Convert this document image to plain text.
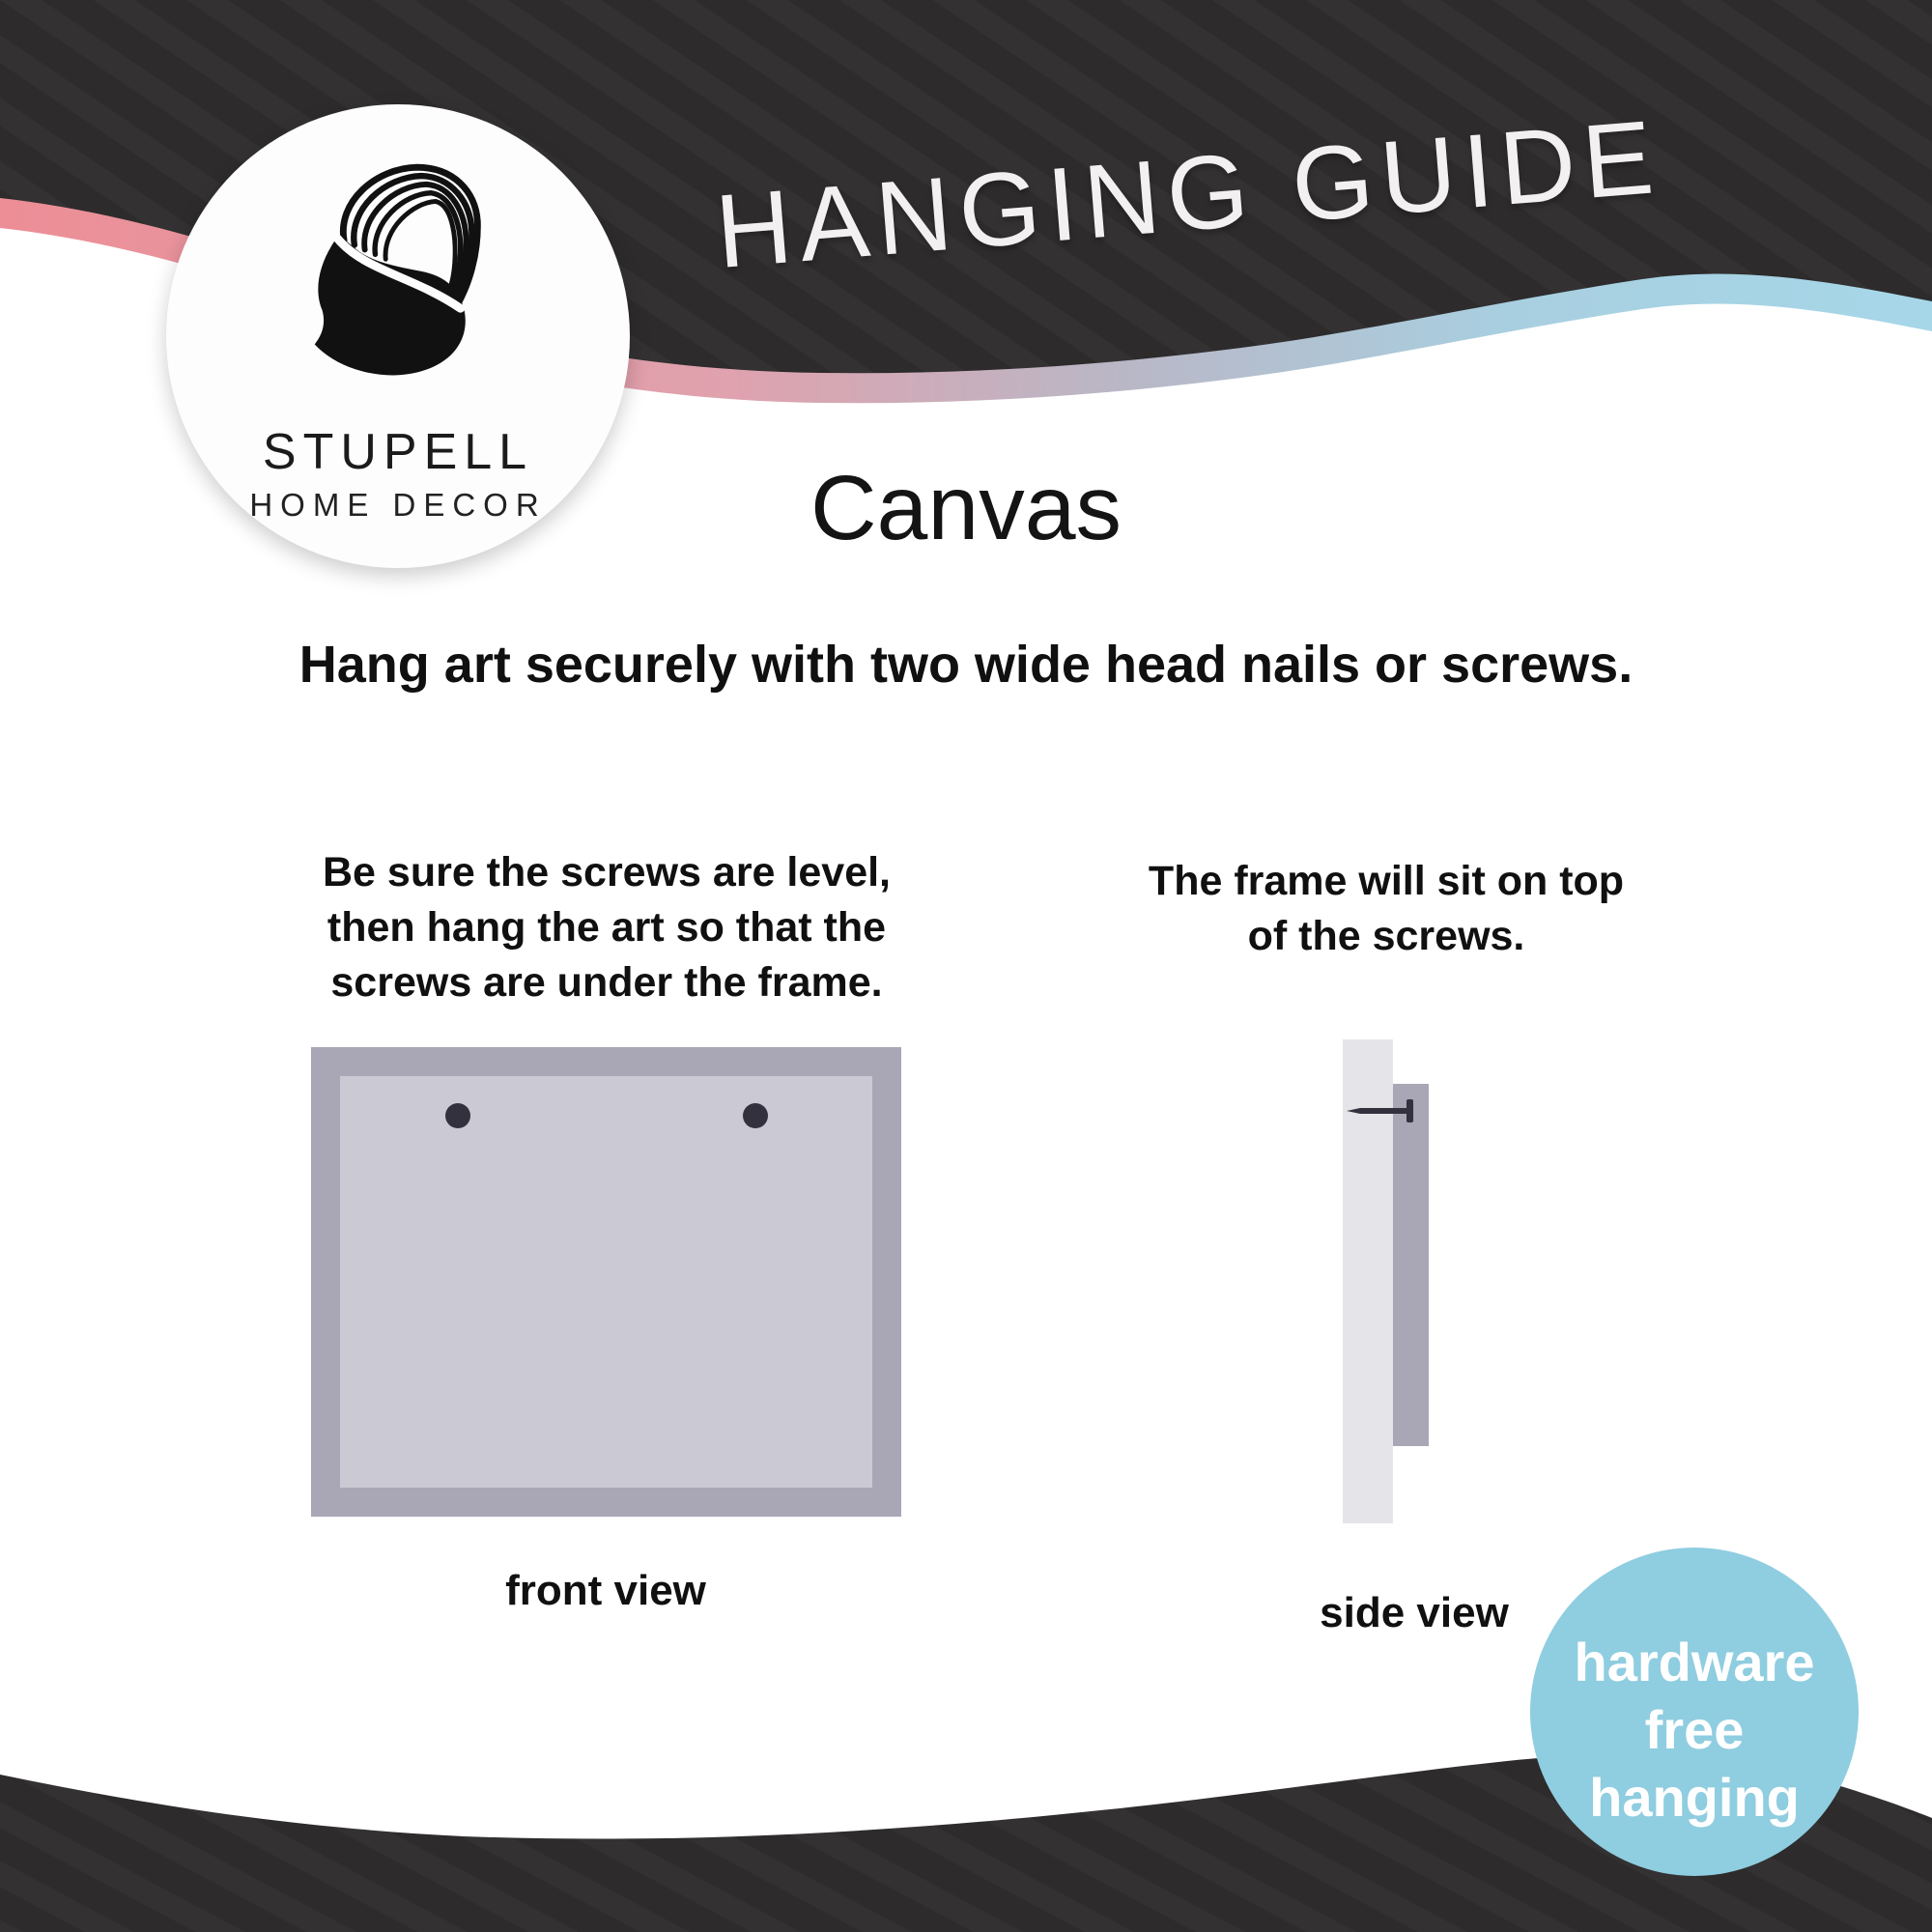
HANGING GUIDE
STUPELL
HOME DECOR	Canvas
Hang art securely with two wide head nails or screws.
Be sure the screws are level,
then hang the art so that the
screws are under the frame.
The frame will sit on top
of the screws.
front view	side view
hardware
free
hanging
